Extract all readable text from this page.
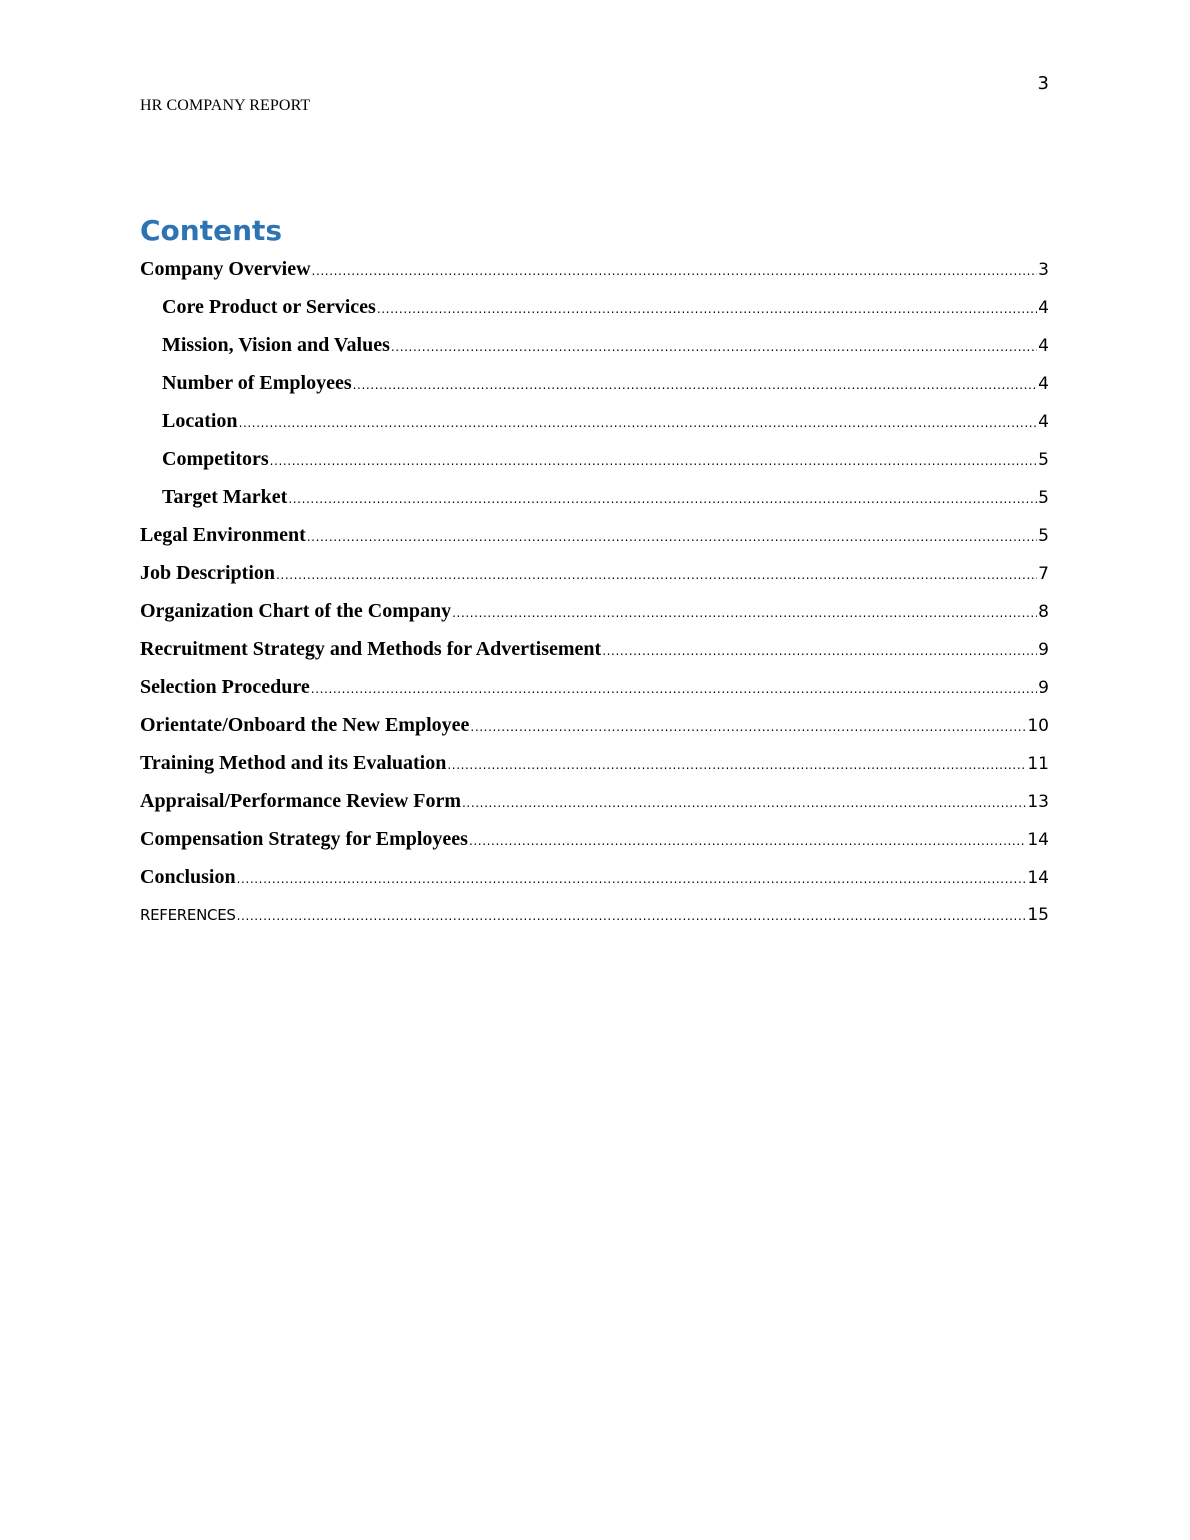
3
HR COMPANY REPORT
Contents
Company Overview .....	3
Core Product or Services .....	4
Mission, Vision and Values .....	4
Number of Employees .....	4
Location .....	4
Competitors .....	5
Target Market .....	5
Legal Environment .....	5
Job Description .....	7
Organization Chart of the Company .....	8
Recruitment Strategy and Methods for Advertisement .....	9
Selection Procedure .....	9
Orientate/Onboard the New Employee .....	10
Training Method and its Evaluation .....	11
Appraisal/Performance Review Form .....	13
Compensation Strategy for Employees .....	14
Conclusion .....	14
REFERENCES .....	15
